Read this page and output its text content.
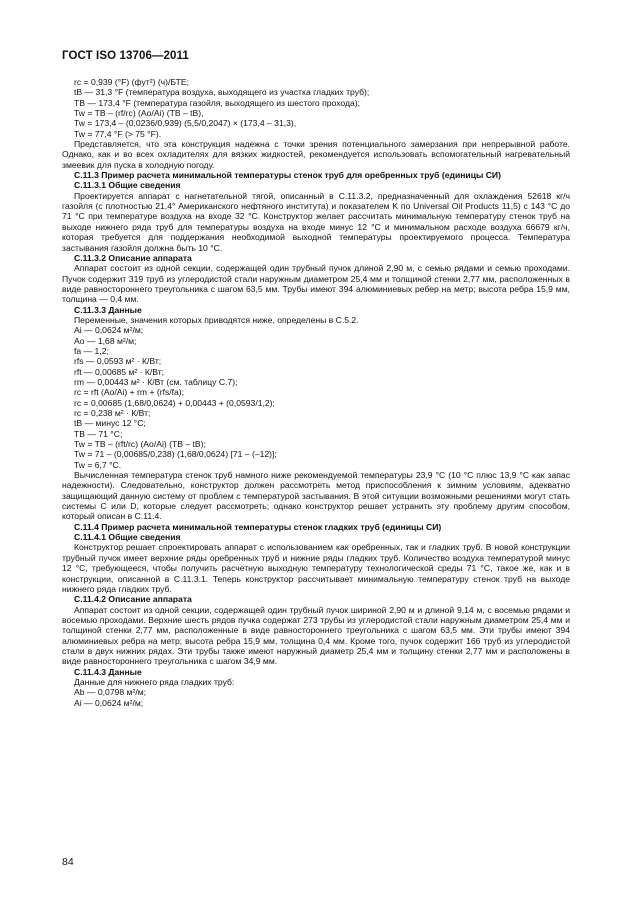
ГОСТ ISO 13706—2011
rс = 0,939 (°F) (фут²) (ч)/БТЕ;
tВ — 31,3 °F (температура воздуха, выходящего из участка гладких труб);
TВ — 173,4 °F (температура газойля, выходящего из шестого прохода);
Tw = TВ – (rf/rс) (Ao/Ai) (TВ – tВ),
Tw = 173,4 – (0,0236/0,939) (5,5/0,2047) × (173,4 – 31,3),
Tw = 77,4 °F (> 75 °F).
Представляется, что эта конструкция надежна с точки зрения потенциального замерзания при непрерывной работе. Однако, как и во всех охладителях для вязких жидкостей, рекомендуется использовать вспомогательный нагревательный змеевик для пуска в холодную погоду.
С.11.3 Пример расчета минимальной температуры стенок труб для оребренных труб (единицы СИ)
С.11.3.1 Общие сведения
Проектируется аппарат с нагнетательной тягой, описанный в С.11.3.2, предназначенный для охлаждения 52618 кг/ч газойля (с плотностью 21,4° Американского нефтяного института) и показателем K по Universal Oil Products 11,5) с 143 °С до 71 °С при температуре воздуха на входе 32 °С. Конструктор желает рассчитать минимальную температуру стенок труб на выходе нижнего ряда труб для температуры воздуха на входе минус 12 °С и минимальном расходе воздуха 66679 кг/ч, которая требуется для поддержания необходимой выходной температуры проектируемого процесса. Температура застывания газойля должна быть 10 °С.
С.11.3.2 Описание аппарата
Аппарат состоит из одной секции, содержащей один трубный пучок длиной 2,90 м, с семью рядами и семью проходами. Пучок содержит 319 труб из углеродистой стали наружным диаметром 25,4 мм и толщиной стенки 2,77 мм, расположенных в виде равностороннего треугольника с шагом 63,5 мм. Трубы имеют 394 алюминиевых ребер на метр; высота ребра 15,9 мм, толщина — 0,4 мм.
С.11.3.3 Данные
Переменные, значения которых приводятся ниже, определены в С.5.2.
Ai — 0,0624 м²/м;
Ao — 1,68 м²/м;
fa — 1,2;
rfs — 0,0593 м² · К/Вт;
rft — 0,00685 м² · К/Вт;
rm — 0,00443 м² · К/Вт (см. таблицу С.7);
rс = rft (Ao/Ai) + rm + (rfs/fa);
rс = 0,00685 (1,68/0,0624) + 0,00443 + (0,0593/1,2);
rс = 0,238 м² · К/Вт;
tВ — минус 12 °С;
TВ — 71 °С;
Tw = TВ – (rft/rс) (Ao/Ai) (TВ – tВ);
Tw = 71 – (0,00685/0,238) (1,68/0,0624) [71 – (–12)];
Tw = 6,7 °С.
Вычисленная температура стенок труб намного ниже рекомендуемой температуры 23,9 °С (10 °С плюс 13,9 °С как запас надежности). Следовательно, конструктор должен рассмотреть метод приспособления к зимним условиям, адекватно защищающий данную систему от проблем с температурой застывания. В этой ситуации возможными решениями могут стать системы С или D, которые следует рассмотреть; однако конструктор решает устранить эту проблему другим способом, который описан в С.11.4.
С.11.4 Пример расчета минимальной температуры стенок гладких труб (единицы СИ)
С.11.4.1 Общие сведения
Конструктор решает спроектировать аппарат с использованием как оребренных, так и гладких труб. В новой конструкции трубный пучок имеет верхние ряды оребренных труб и нижние ряды гладких труб. Количество воздуха температурой минус 12 °С, требующееся, чтобы получить расчетную выходную температуру технологической среды 71 °С, такое же, как и в конструкции, описанной в С.11.3.1. Теперь конструктор рассчитывает минимальную температуру стенок труб на выходе нижнего ряда гладких труб.
С.11.4.2 Описание аппарата
Аппарат состоит из одной секции, содержащей один трубный пучок шириной 2,90 м и длиной 9,14 м, с восемью рядами и восемью проходами. Верхние шесть рядов пучка содержат 273 трубы из углеродистой стали наружным диаметром 25,4 мм и толщиной стенки 2,77 мм, расположенные в виде равностороннего треугольника с шагом 63,5 мм. Эти трубы имеют 394 алюминиевых ребра на метр; высота ребра 15,9 мм, толщина 0,4 мм. Кроме того, пучок содержит 166 труб из углеродистой стали в двух нижних рядах. Эти трубы также имеют наружный диаметр 25,4 мм и толщину стенки 2,77 мм и расположены в виде равностороннего треугольника с шагом 34,9 мм.
С.11.4.3 Данные
Данные для нижнего ряда гладких труб:
Ab — 0,0798 м²/м;
Ai — 0,0624 м²/м;
84
